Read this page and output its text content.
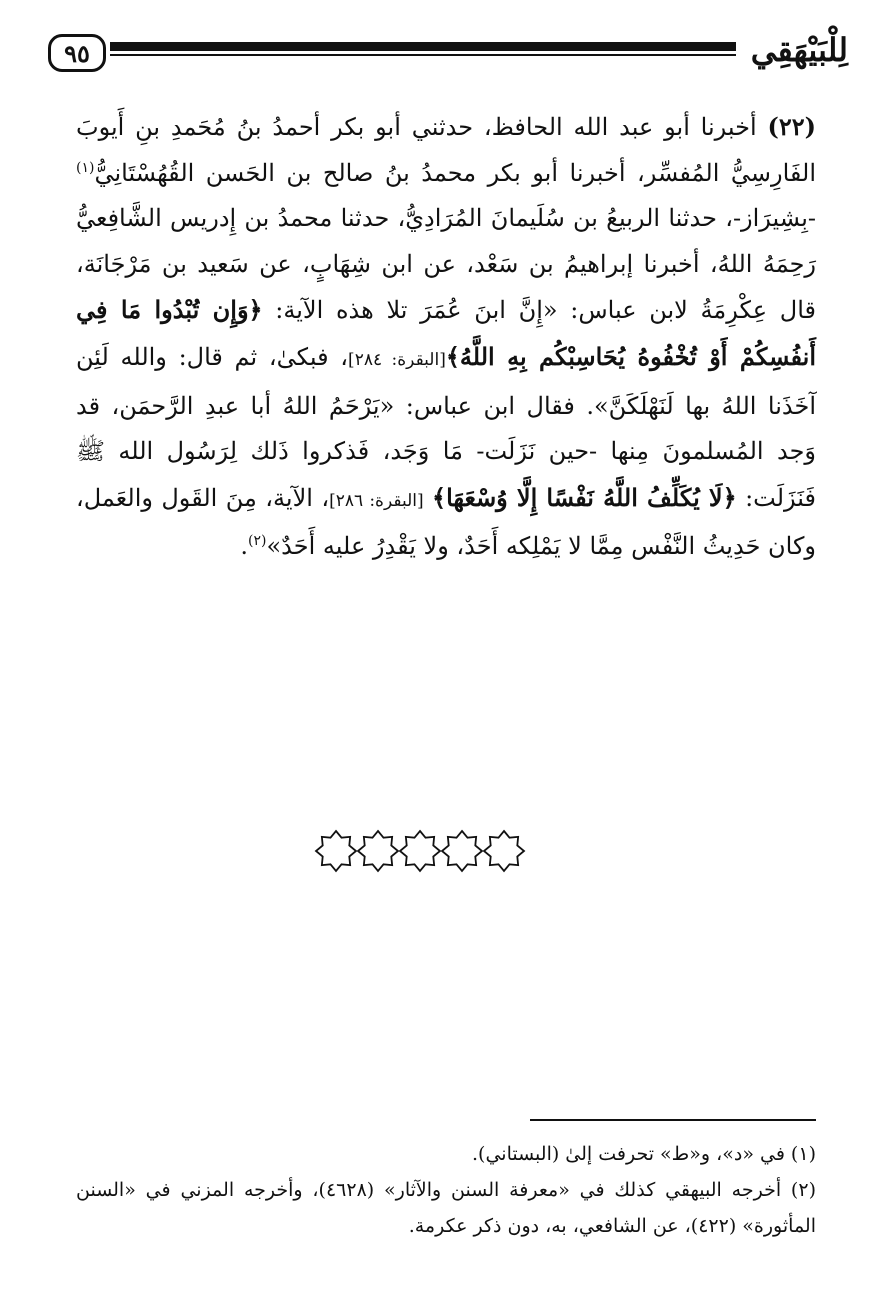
٩٥	لِلْبَيْهَقِي

(٢٢) أخبرنا أبو عبد الله الحافظ، حدثني أبو بكر أحمدُ بنُ مُحَمدِ بنِ أَيوبَ الفَارِسِيُّ المُفسِّر، أخبرنا أبو بكر محمدُ بنُ صالح بن الحَسن القُهُسْتَانِيُّ$^{(١)}$ -بِشِيرَاز-، حدثنا الربيعُ بن سُلَيمانَ المُرَادِيُّ، حدثنا محمدُ بن إِدريس الشَّافِعيُّ رَحِمَهُ اللهُ، أخبرنا إبراهيمُ بن سَعْد، عن ابن شِهَابٍ، عن سَعيد بن مَرْجَانَة، قال عِكْرِمَةُ لابن عباس: «إِنَّ ابنَ عُمَرَ تلا هذه الآية: ﴿وَإِن تُبْدُوا مَا فِي أَنفُسِكُمْ أَوْ تُخْفُوهُ يُحَاسِبْكُم بِهِ اللَّهُ﴾[البقرة: ٢٨٤]، فبكىٰ، ثم قال: والله لَئِن آخَذَنا اللهُ بها لَنَهْلَكَنَّ». فقال ابن عباس: «يَرْحَمُ اللهُ أبا عبدِ الرَّحمَن، قد وَجد المُسلمونَ مِنها -حين نَزَلَت- مَا وَجَد، فَذكروا ذَلك لِرَسُول الله ﷺ فَنَزَلَت: ﴿لَا يُكَلِّفُ اللَّهُ نَفْسًا إِلَّا وُسْعَهَا﴾ [البقرة: ٢٨٦]، الآية، مِنَ القَول والعَمل، وكان حَدِيثُ النَّفْس مِمَّا لا يَمْلِكه أَحَدٌ، ولا يَقْدِرُ عليه أَحَدٌ»$^{(٢)}$.

(١) في «د»، و«ط» تحرفت إلىٰ (البستاني).

(٢) أخرجه البيهقي كذلك في «معرفة السنن والآثار» (٤٦٢٨)، وأخرجه المزني في «السنن المأثورة» (٤٢٢)، عن الشافعي، به، دون ذكر عكرمة.
